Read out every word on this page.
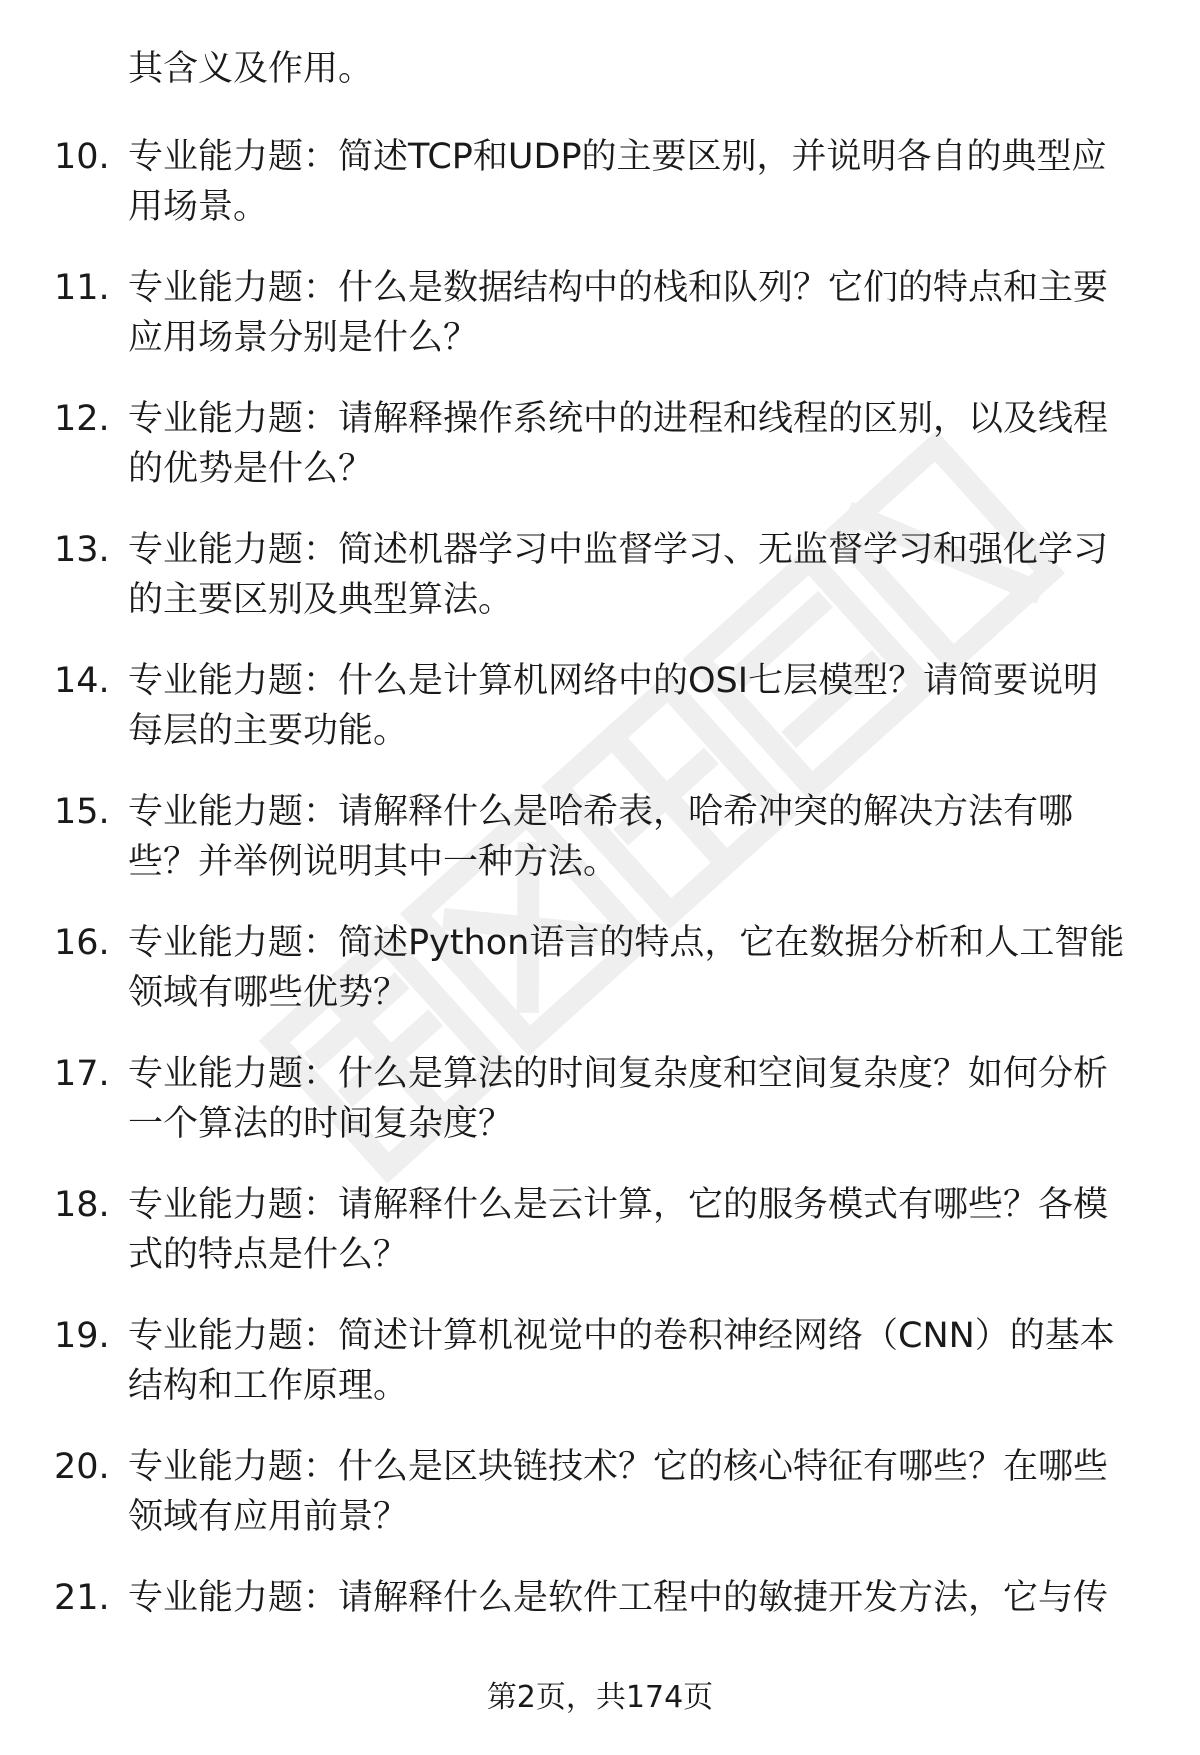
其含义及作用。
10. 专业能力题：简述TCP和UDP的主要区别，并说明各自的典型应
用场景。
11. 专业能力题：什么是数据结构中的栈和队列？它们的特点和主要
应用场景分别是什么？
12. 专业能力题：请解释操作系统中的进程和线程的区别，以及线程
的优势是什么？
13. 专业能力题：简述机器学习中监督学习、无监督学习和强化学习
的主要区别及典型算法。
14. 专业能力题：什么是计算机网络中的OSI七层模型？请简要说明
每层的主要功能。
15. 专业能力题：请解释什么是哈希表，哈希冲突的解决方法有哪
些？并举例说明其中一种方法。
16. 专业能力题：简述Python语言的特点，它在数据分析和人工智能
领域有哪些优势？
17. 专业能力题：什么是算法的时间复杂度和空间复杂度？如何分析
一个算法的时间复杂度？
18. 专业能力题：请解释什么是云计算，它的服务模式有哪些？各模
式的特点是什么？
19. 专业能力题：简述计算机视觉中的卷积神经网络（CNN）的基本
结构和工作原理。
20. 专业能力题：什么是区块链技术？它的核心特征有哪些？在哪些
领域有应用前景？
21. 专业能力题：请解释什么是软件工程中的敏捷开发方法，它与传
第2页，共174页
